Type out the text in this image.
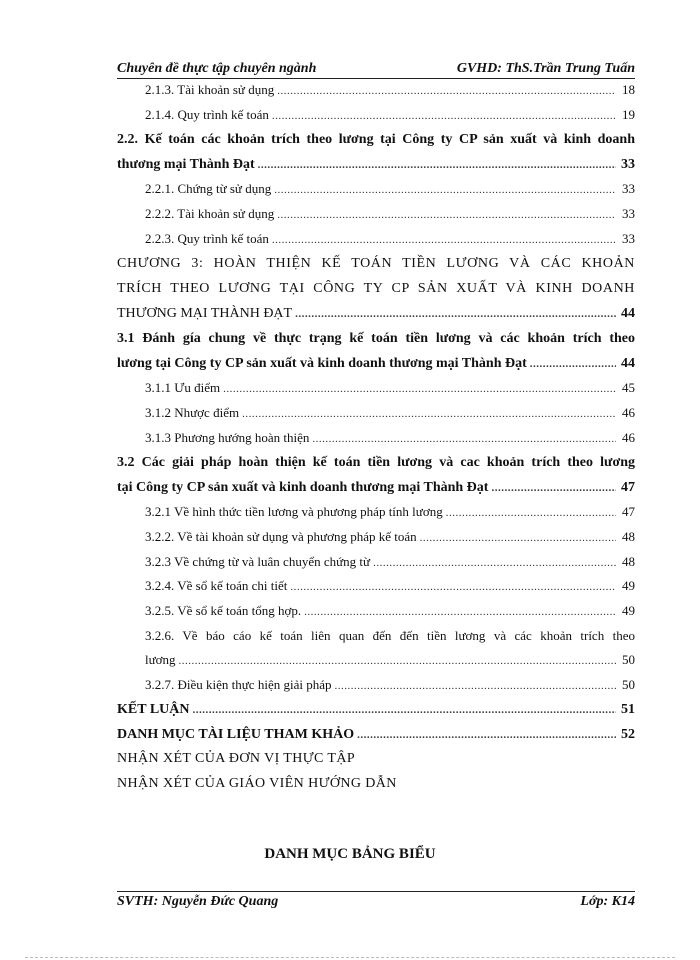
Chuyên đề thực tập chuyên ngành	GVHD: ThS.Trần Trung Tuấn
2.1.3. Tài khoản sử dụng .....	18
2.1.4. Quy trình kế toán .....	19
2.2. Kế toán các khoản trích theo lương tại Công ty CP sản xuất và kinh doanh
thương mại Thành Đạt .....	33
2.2.1. Chứng từ sử dụng .....	33
2.2.2. Tài khoản sử dụng .....	33
2.2.3. Quy trình kế toán .....	33
CHƯƠNG 3: HOÀN THIỆN KẾ TOÁN TIỀN LƯƠNG VÀ CÁC KHOẢN
TRÍCH THEO LƯƠNG TẠI CÔNG TY CP SẢN XUẤT VÀ KINH DOANH
THƯƠNG MẠI THÀNH ĐẠT .....	44
3.1 Đánh gía chung về thực trạng kế toán tiền lương và các khoản trích theo
lương tại Công ty CP sản xuất và kinh doanh thương mại Thành Đạt .....	44
3.1.1 Ưu điểm .....	45
3.1.2 Nhược điểm .....	46
3.1.3 Phương hướng hoàn thiện .....	46
3.2 Các giải pháp hoàn thiện kế toán tiền lương và cac khoản trích theo lương
tại Công ty CP sản xuất và kinh doanh thương mại Thành Đạt .....	47
3.2.1 Về hình thức tiền lương và phương pháp tính lương .....	47
3.2.2. Về tài khoản sử dụng và phương pháp kế toán .....	48
3.2.3 Về chứng từ và luân chuyển chứng từ .....	48
3.2.4. Về sổ kế toán chi tiết .....	49
3.2.5. Về sổ kế toán tổng hợp. .....	49
3.2.6. Về báo cáo kế toán liên quan đến đến tiền lương và các khoản trích theo
lương .....	50
3.2.7. Điều kiện thực hiện giải pháp .....	50
KẾT LUẬN .....	51
DANH MỤC TÀI LIỆU THAM KHẢO .....	52
NHẬN XÉT CỦA ĐƠN VỊ THỰC TẬP
NHẬN XÉT CỦA GIÁO VIÊN HƯỚNG DẪN
DANH MỤC BẢNG BIỂU
SVTH: Nguyễn Đức Quang	Lớp: K14
